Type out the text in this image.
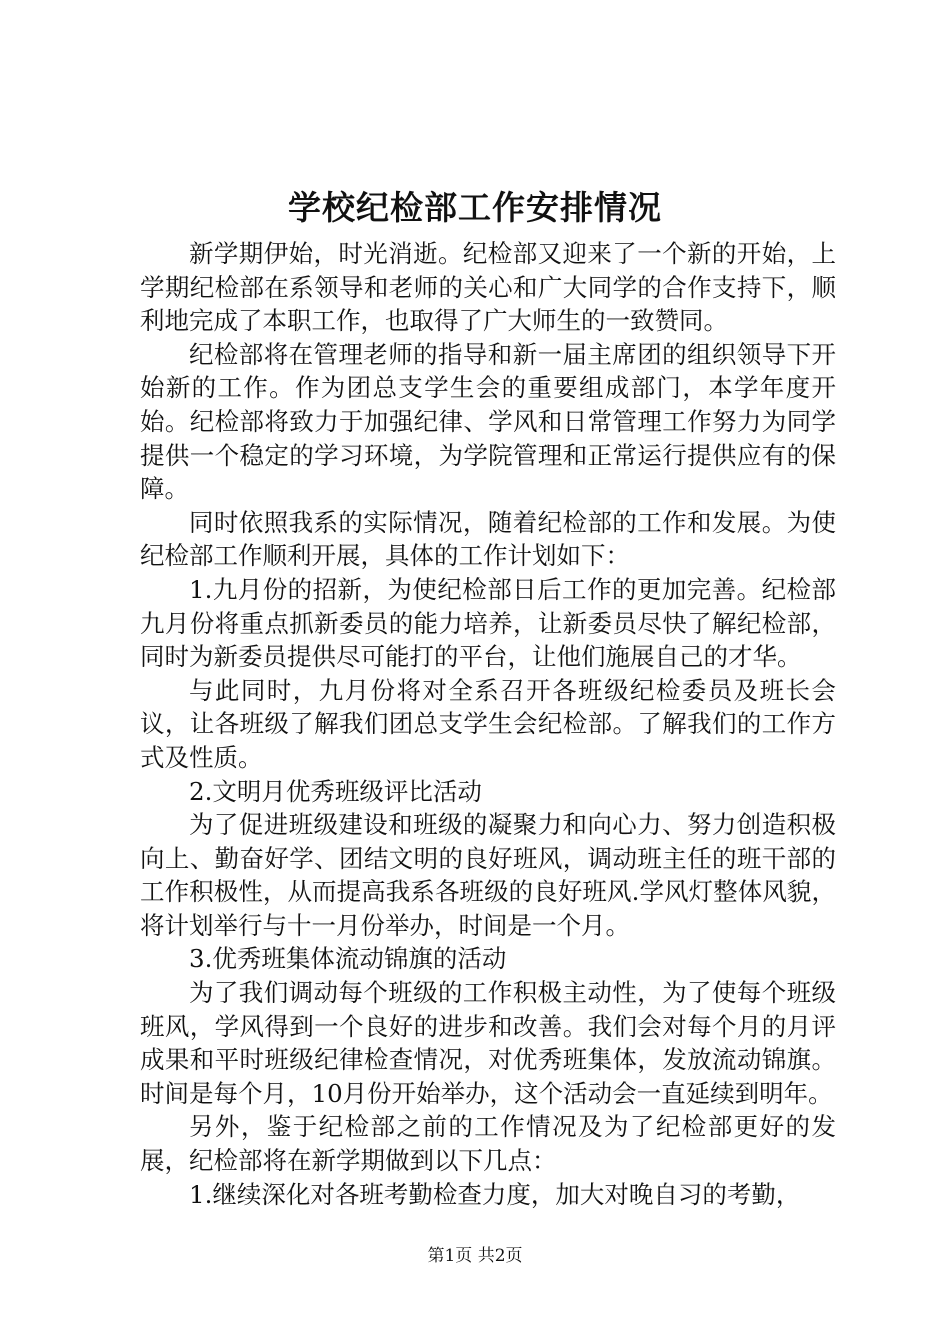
学校纪检部工作安排情况

新学期伊始，时光消逝。纪检部又迎来了一个新的开始，上学期纪检部在系领导和老师的关心和广大同学的合作支持下，顺利地完成了本职工作，也取得了广大师生的一致赞同。

纪检部将在管理老师的指导和新一届主席团的组织领导下开始新的工作。作为团总支学生会的重要组成部门，本学年度开始。纪检部将致力于加强纪律、学风和日常管理工作努力为同学提供一个稳定的学习环境，为学院管理和正常运行提供应有的保障。

同时依照我系的实际情况，随着纪检部的工作和发展。为使纪检部工作顺利开展，具体的工作计划如下：

1.九月份的招新，为使纪检部日后工作的更加完善。纪检部九月份将重点抓新委员的能力培养，让新委员尽快了解纪检部，同时为新委员提供尽可能打的平台，让他们施展自己的才华。

与此同时，九月份将对全系召开各班级纪检委员及班长会议，让各班级了解我们团总支学生会纪检部。了解我们的工作方式及性质。

2.文明月优秀班级评比活动

为了促进班级建设和班级的凝聚力和向心力、努力创造积极向上、勤奋好学、团结文明的良好班风，调动班主任的班干部的工作积极性，从而提高我系各班级的良好班风.学风灯整体风貌，将计划举行与十一月份举办，时间是一个月。

3.优秀班集体流动锦旗的活动

为了我们调动每个班级的工作积极主动性，为了使每个班级班风，学风得到一个良好的进步和改善。我们会对每个月的月评成果和平时班级纪律检查情况，对优秀班集体，发放流动锦旗。时间是每个月，10月份开始举办，这个活动会一直延续到明年。

另外，鉴于纪检部之前的工作情况及为了纪检部更好的发展，纪检部将在新学期做到以下几点：

1.继续深化对各班考勤检查力度，加大对晚自习的考勤，

第1页 共2页
